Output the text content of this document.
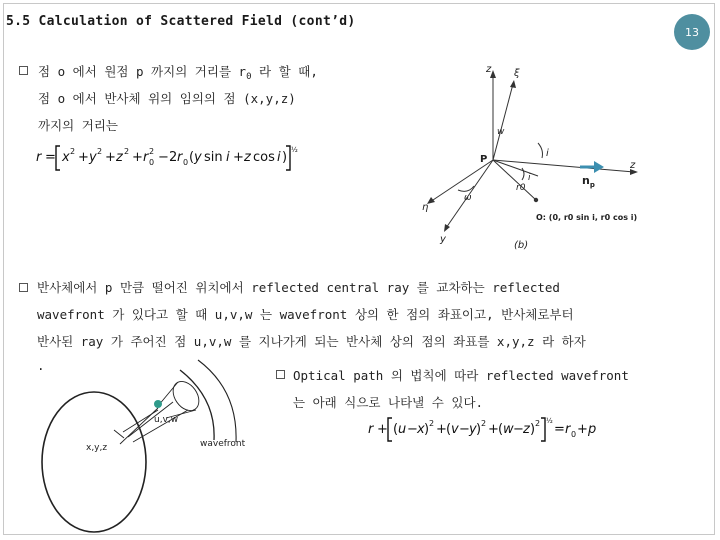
5.5 Calculation of Scattered Field (cont’d)
13
점 o 에서 원점 p 까지의 거리를 $r_0$ 라 할 때,
점 o 에서 반사체 위의 임의의 점 (x,y,z)
까지의 거리는
r = x 2 + y 2 + z 2 + r 2
0 − 2 r 0 ( y sin i + z cos i ) ½
z ξ
w
z
η
y
i
i
P
r0
ω
O: (0, r0 sin i, r0 cos i)
(b)
$n_p$
반사체에서 p 만큼 떨어진 위치에서 reflected central ray 를 교차하는 reflected
wavefront 가 있다고 할 때 u,v,w 는 wavefront 상의 한 점의 좌표이고, 반사체로부터
반사된 ray 가 주어진 점 u,v,w 를 지나가게 되는 반사체 상의 점의 좌표를 x,y,z 라 하자
.
Optical path 의 법칙에 따라 reflected wavefront
는 아래 식으로 나타낼 수 있다.
r + ( u − x ) 2 + ( v − y ) 2 + ( w − z ) 2 ½
= r 0 + p
u,v,w
x,y,z	wavefront
